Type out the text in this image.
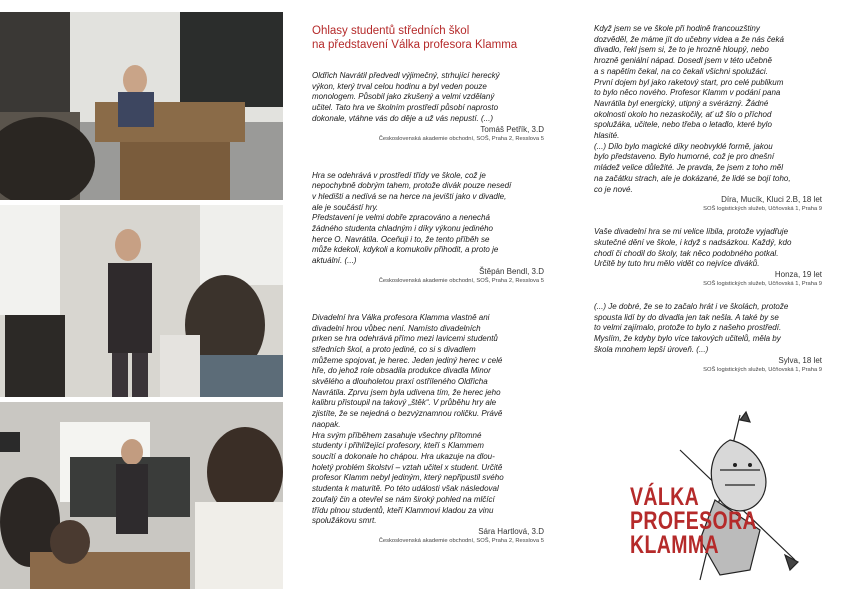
Ohlasy studentů středních škol
na představení Válka profesora Klamma

Oldřich Navrátil předvedl výjimečný, strhující herecký
výkon, který trval celou hodinu a byl veden pouze
monologem. Působil jako zkušený a velmi vzdělaný
učitel. Tato hra ve školním prostředí působí naprosto
dokonale, vtáhne vás do děje a už vás nepustí. (...)

Tomáš Petřík, 3.D
Československá akademie obchodní, SOŠ, Praha 2, Resslova 5

Hra se odehrává v prostředí třídy ve škole, což je
nepochybně dobrým tahem, protože divák pouze nesedí
v hledišti a nedívá se na herce na jevišti jako v divadle,
ale je součástí hry.
Představení je velmi dobře zpracováno a nenechá
žádného studenta chladným i díky výkonu jediného
herce O. Navrátila. Oceňuji i to, že tento příběh se
může kdekoli, kdykoli a komukoliv přihodit, a proto je
aktuální. (...)

Štěpán Bendl, 3.D
Československá akademie obchodní, SOŠ, Praha 2, Resslova 5

Divadelní hra Válka profesora Klamma vlastně ani
divadelní hrou vůbec není. Namísto divadelních
prken se hra odehrává přímo mezi lavicemi studentů
středních škol, a proto jediné, co si s divadlem
můžeme spojovat, je herec. Jeden jediný herec v celé
hře, do jehož role obsadila produkce divadla Minor
skvělého a dlouholetou praxí ostříleného Oldřicha
Navrátila. Zprvu jsem byla udivena tím, že herec jeho
kalibru přistoupil na takový „štěk“. V průběhu hry ale
zjistíte, že se nejedná o bezvýznamnou roličku. Právě
naopak.
Hra svým příběhem zasahuje všechny přítomné
studenty i přihlížející profesory, kteří s Klammem
soucítí a dokonale ho chápou. Hra ukazuje na dlou-
holetý problém školství – vztah učitel x student. Určitě
profesor Klamm nebyl jediným, který nepřipustil svého
studenta k maturitě. Po této události však následoval
zoufalý čin a otevřel se nám široký pohled na mlčící
třídu plnou studentů, kteří Klammovi kladou za vinu
spolužákovu smrt.

Sára Hartlová, 3.D
Československá akademie obchodní, SOŠ, Praha 2, Resslova 5

Když jsem se ve škole při hodině francouzštiny
dozvěděl, že máme jít do učebny videa a že nás čeká
divadlo, řekl jsem si, že to je hrozně hloupý, nebo
hrozně geniální nápad. Dosedl jsem v této učebně
a s napětím čekal, na co čekali všichni spolužáci.
První dojem byl jako raketový start, pro celé publikum
to bylo něco nového. Profesor Klamm v podání pana
Navrátila byl energický, utipný a svérázný. Žádné
okolnosti okolo ho nezaskočily, ať už šlo o příchod
spolužáka, učitele, nebo třeba o letadlo, které bylo
hlasité.
(...) Dílo bylo magické díky neobvyklé formě, jakou
bylo představeno. Bylo humorné, což je pro dnešní
mládež velice důležité. Je pravda, že jsem z toho měl
na začátku strach, ale je dokázané, že lidé se bojí toho,
co je nové.

Díra, Mucík, Kluci 2.B, 18 let
SOŠ logistických služeb, Učňovská 1, Praha 9

Vaše divadelní hra se mi velice líbila, protože vyjadřuje
skutečné dění ve škole, i když s nadsázkou. Každý, kdo
chodí či chodil do školy, tak něco podobného potkal.
Určitě by tuto hru mělo vidět co nejvíce diváků.

Honza, 19 let
SOŠ logistických služeb, Učňovská 1, Praha 9

(...) Je dobré, že se to začalo hrát i ve školách, protože
spousta lidí by do divadla jen tak nešla. A také by se
to velmi zajímalo, protože to bylo z našeho prostředí.
Myslím, že kdyby bylo více takových učitelů, měla by
škola mnohem lepší úroveň. (...)

Sylva, 18 let
SOŠ logistických služeb, Učňovská 1, Praha 9
VÁLKA
PROFESORA
KLAMMA
